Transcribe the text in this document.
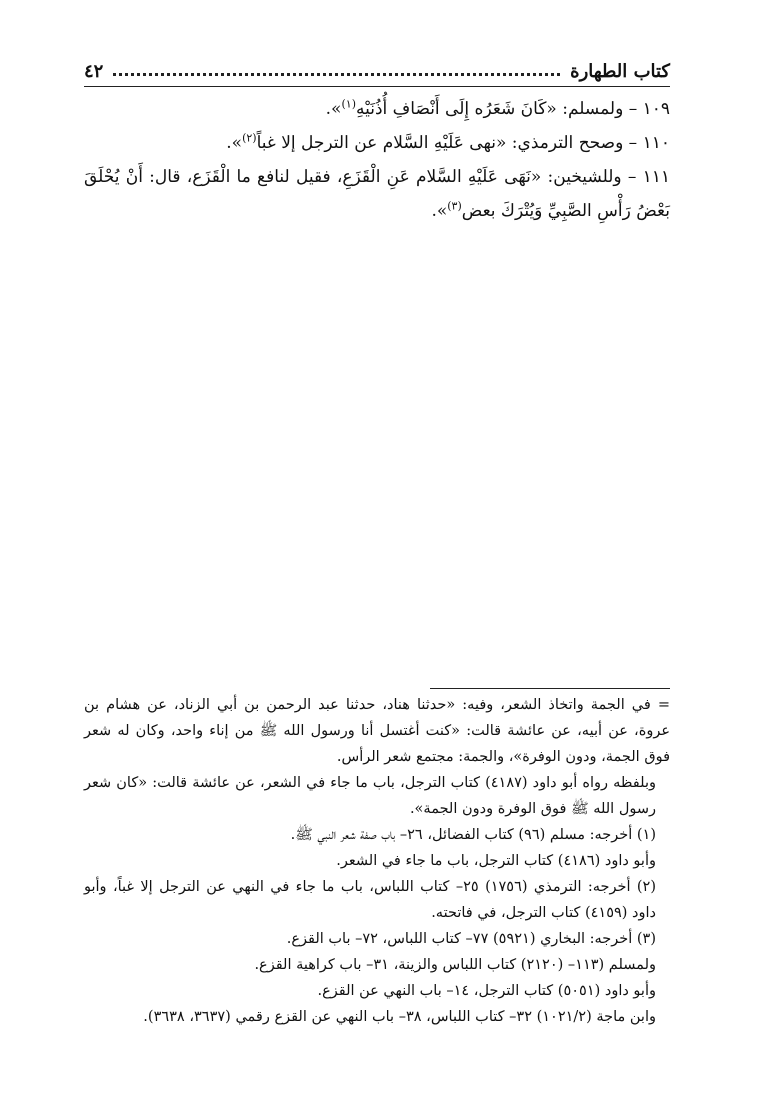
كتاب الطهارة
٤٢

١٠٩ – ولمسلم: «كَانَ شَعَرُه إِلَى أَنْصَافِ أُذُنَيْهِ$^{(١)}$».

١١٠ – وصحح الترمذي: «نهى عَلَيْهِ السَّلام عن الترجل إلا غباً$^{(٢)}$».

١١١ – وللشيخين: «نَهَى عَلَيْهِ السَّلام عَنِ الْقَزَعِ، فقيل لنافع ما الْقَزَع، قال: أَنْ يُحْلَقَ بَعْضُ رَأْسِ الصَّبِيِّ وَيُتْرَكَ بعض$^{(٣)}$».

= في الجمة واتخاذ الشعر، وفيه: «حدثنا هناد، حدثنا عبد الرحمن بن أبي الزناد، عن هشام بن عروة، عن أبيه، عن عائشة قالت: «كنت أغتسل أنا ورسول الله ﷺ من إناء واحد، وكان له شعر فوق الجمة، ودون الوفرة»، والجمة: مجتمع شعر الرأس.

وبلفظه رواه أبو داود (٤١٨٧) كتاب الترجل، باب ما جاء في الشعر، عن عائشة قالت: «كان شعر رسول الله ﷺ فوق الوفرة ودون الجمة».

(١) أخرجه: مسلم (٩٦) كتاب الفضائل، ٢٦– باب صفة شعر النبي ﷺ.

وأبو داود (٤١٨٦) كتاب الترجل، باب ما جاء في الشعر.

(٢) أخرجه: الترمذي (١٧٥٦) ٢٥– كتاب اللباس، باب ما جاء في النهي عن الترجل إلا غباً، وأبو داود (٤١٥٩) كتاب الترجل، في فاتحته.

(٣) أخرجه: البخاري (٥٩٢١) ٧٧– كتاب اللباس، ٧٢– باب القزع.

ولمسلم (١١٣– (٢١٢٠) كتاب اللباس والزينة، ٣١– باب كراهية القزع.

وأبو داود (٥٠٥١) كتاب الترجل، ١٤– باب النهي عن القزع.

وابن ماجة (١٠٢١/٢) ٣٢– كتاب اللباس، ٣٨– باب النهي عن القزع رقمي (٣٦٣٧، ٣٦٣٨).
